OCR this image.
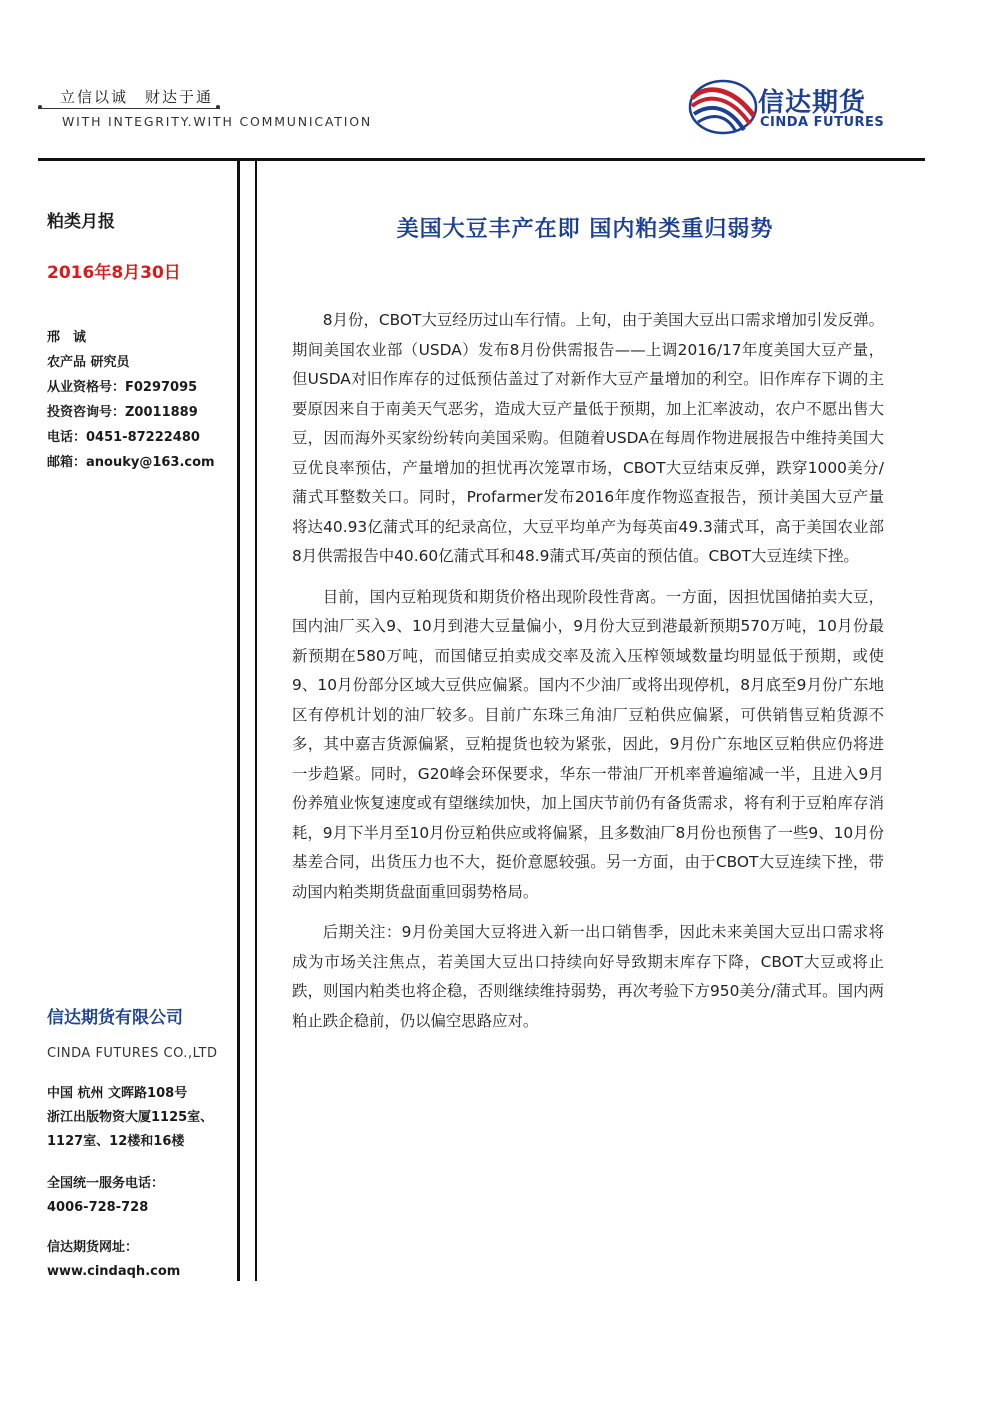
立信以诚　财达于通
WITH INTEGRITY.WITH COMMUNICATION
信达期货
CINDA FUTURES
粕类月报
2016年8月30日
邢　诚
农产品 研究员
从业资格号：F0297095
投资咨询号：Z0011889
电话：0451-87222480
邮箱：anouky@163.com
信达期货有限公司
CINDA FUTURES CO.,LTD
中国 杭州 文晖路108号
浙江出版物资大厦1125室、
1127室、12楼和16楼
全国统一服务电话：
4006-728-728
信达期货网址：
www.cindaqh.com
美国大豆丰产在即 国内粕类重归弱势

8月份，CBOT大豆经历过山车行情。上旬，由于美国大豆出口需求增加引发反弹。期间美国农业部（USDA）发布8月份供需报告——上调2016/17年度美国大豆产量，但USDA对旧作库存的过低预估盖过了对新作大豆产量增加的利空。旧作库存下调的主要原因来自于南美天气恶劣，造成大豆产量低于预期，加上汇率波动，农户不愿出售大豆，因而海外买家纷纷转向美国采购。但随着USDA在每周作物进展报告中维持美国大豆优良率预估，产量增加的担忧再次笼罩市场，CBOT大豆结束反弹，跌穿1000美分/蒲式耳整数关口。同时，Profarmer发布2016年度作物巡查报告，预计美国大豆产量将达40.93亿蒲式耳的纪录高位，大豆平均单产为每英亩49.3蒲式耳，高于美国农业部8月供需报告中40.60亿蒲式耳和48.9蒲式耳/英亩的预估值。CBOT大豆连续下挫。

目前，国内豆粕现货和期货价格出现阶段性背离。一方面，因担忧国储拍卖大豆，国内油厂买入9、10月到港大豆量偏小，9月份大豆到港最新预期570万吨，10月份最新预期在580万吨，而国储豆拍卖成交率及流入压榨领域数量均明显低于预期，或使9、10月份部分区域大豆供应偏紧。国内不少油厂或将出现停机，8月底至9月份广东地区有停机计划的油厂较多。目前广东珠三角油厂豆粕供应偏紧，可供销售豆粕货源不多，其中嘉吉货源偏紧，豆粕提货也较为紧张，因此，9月份广东地区豆粕供应仍将进一步趋紧。同时，G20峰会环保要求，华东一带油厂开机率普遍缩减一半，且进入9月份养殖业恢复速度或有望继续加快，加上国庆节前仍有备货需求，将有利于豆粕库存消耗，9月下半月至10月份豆粕供应或将偏紧，且多数油厂8月份也预售了一些9、10月份基差合同，出货压力也不大，挺价意愿较强。另一方面，由于CBOT大豆连续下挫，带动国内粕类期货盘面重回弱势格局。

后期关注：9月份美国大豆将进入新一出口销售季，因此未来美国大豆出口需求将成为市场关注焦点，若美国大豆出口持续向好导致期末库存下降，CBOT大豆或将止跌，则国内粕类也将企稳，否则继续维持弱势，再次考验下方950美分/蒲式耳。国内两粕止跌企稳前，仍以偏空思路应对。
